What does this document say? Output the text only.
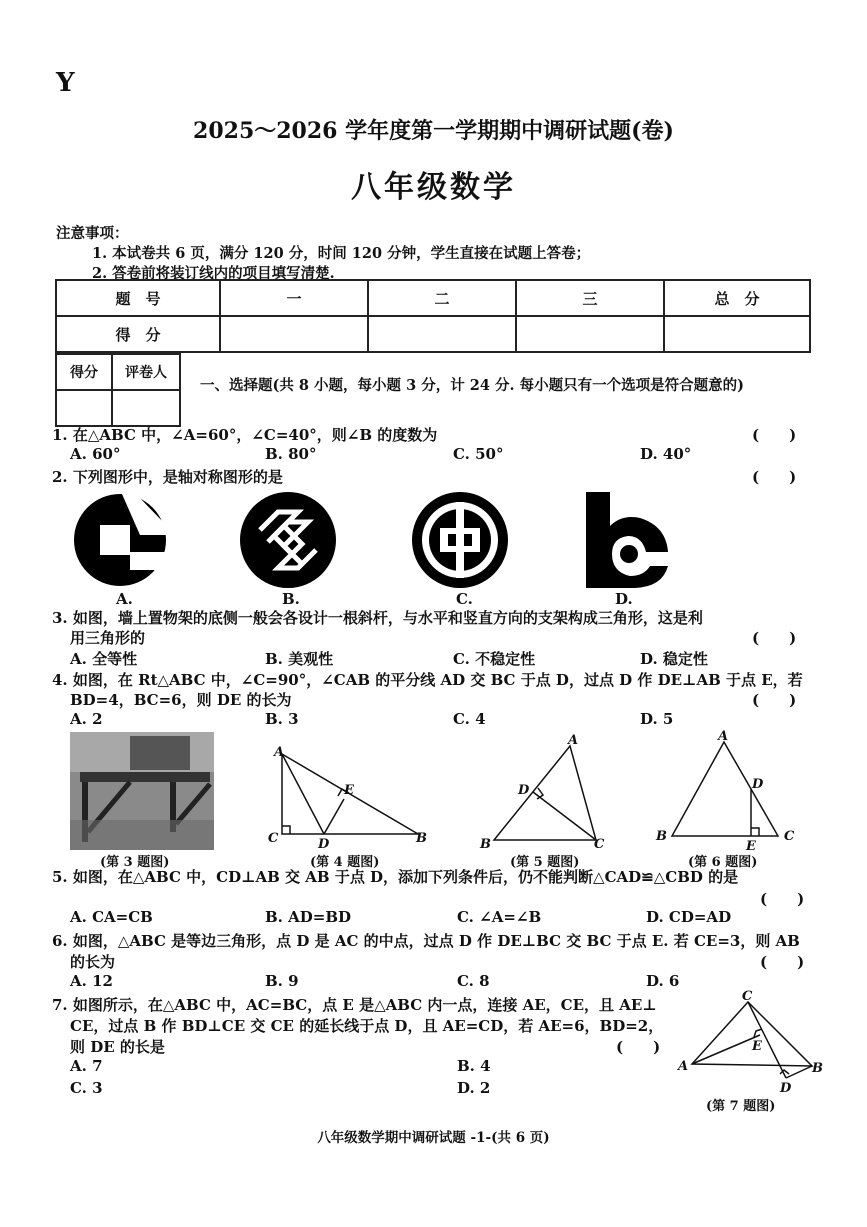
Y
2025～2026 学年度第一学期期中调研试题(卷)
八年级数学
注意事项：
1. 本试卷共 6 页，满分 120 分，时间 120 分钟，学生直接在试题上答卷；
2. 答卷前将装订线内的项目填写清楚.
题　号	一	二	三	总　分
得　分				
得分	评卷人

一、选择题(共 8 小题，每小题 3 分，计 24 分. 每小题只有一个选项是符合题意的)
1. 在△ABC 中，∠A=60°，∠C=40°，则∠B 的度数为	(　　)
A. 60°	B. 80°	C. 50°	D. 40°
2. 下列图形中，是轴对称图形的是	(　　)
A.	B.	C.	D.
3. 如图，墙上置物架的底侧一般会各设计一根斜杆，与水平和竖直方向的支架构成三角形，这是利
用三角形的	(　　)
A. 全等性	B. 美观性	C. 不稳定性	D. 稳定性
4. 如图，在 Rt△ABC 中，∠C=90°，∠CAB 的平分线 AD 交 BC 于点 D，过点 D 作 DE⊥AB 于点 E，若
BD=4，BC=6，则 DE 的长为	(　　)
A. 2	B. 3	C. 4	D. 5
(第 3 题图)
A
E
C	D	B
(第 4 题图)
A
D
B	C
(第 5 题图)
A
D
B
E
C
(第 6 题图)
5. 如图，在△ABC 中，CD⊥AB 交 AB 于点 D，添加下列条件后，仍不能判断△CAD≌△CBD 的是
(　　)
A. CA=CB	B. AD=BD	C. ∠A=∠B	D. CD=AD
6. 如图，△ABC 是等边三角形，点 D 是 AC 的中点，过点 D 作 DE⊥BC 交 BC 于点 E. 若 CE=3，则 AB
的长为	(　　)
A. 12	B. 9	C. 8	D. 6
7. 如图所示，在△ABC 中，AC=BC，点 E 是△ABC 内一点，连接 AE，CE，且 AE⊥
CE，过点 B 作 BD⊥CE 交 CE 的延长线于点 D，且 AE=CD，若 AE=6，BD=2，
则 DE 的长是	(　　)
A. 7	B. 4
C. 3	D. 2
C
E
A	B
D
(第 7 题图)
八年级数学期中调研试题 -1-(共 6 页)
